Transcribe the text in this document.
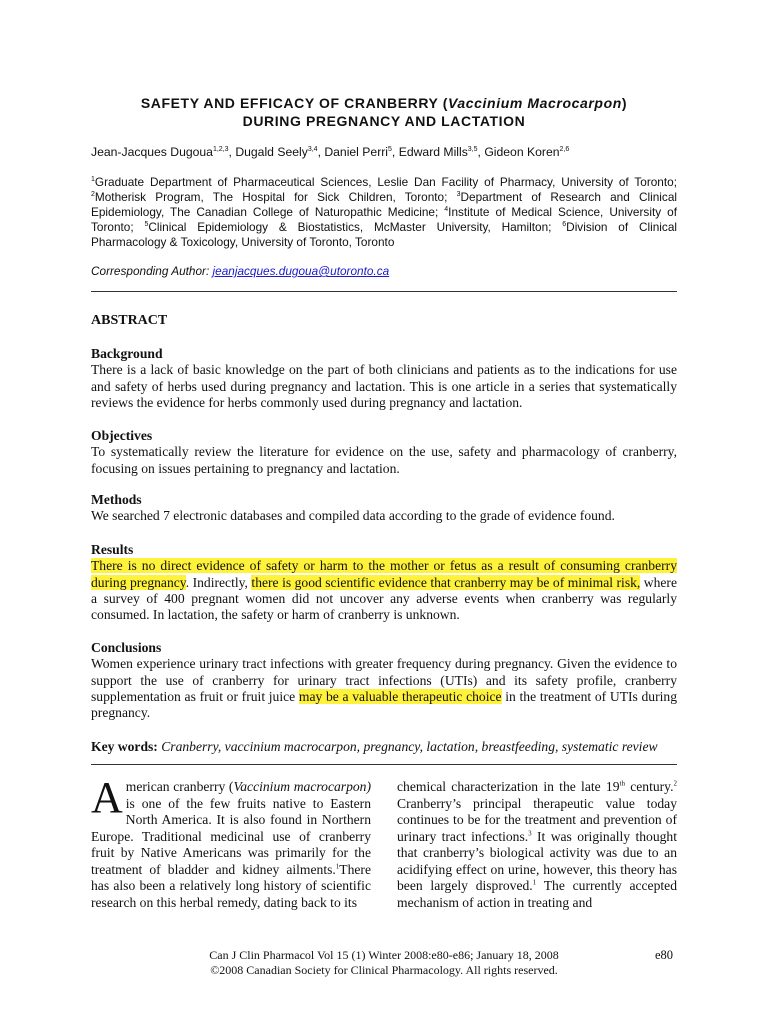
SAFETY AND EFFICACY OF CRANBERRY (Vaccinium Macrocarpon)
DURING PREGNANCY AND LACTATION
Jean-Jacques Dugoua$^{1,2,3}$, Dugald Seely$^{3,4}$, Daniel Perri$^5$, Edward Mills$^{3,5}$, Gideon Koren$^{2,6}$
$^1$Graduate Department of Pharmaceutical Sciences, Leslie Dan Facility of Pharmacy, University of Toronto; $^2$Motherisk Program, The Hospital for Sick Children, Toronto; $^3$Department of Research and Clinical Epidemiology, The Canadian College of Naturopathic Medicine; $^4$Institute of Medical Science, University of Toronto; $^5$Clinical Epidemiology & Biostatistics, McMaster University, Hamilton; $^6$Division of Clinical Pharmacology & Toxicology, University of Toronto, Toronto
Corresponding Author: jeanjacques.dugoua@utoronto.ca
ABSTRACT
Background
There is a lack of basic knowledge on the part of both clinicians and patients as to the indications for use and safety of herbs used during pregnancy and lactation. This is one article in a series that systematically reviews the evidence for herbs commonly used during pregnancy and lactation.
Objectives
To systematically review the literature for evidence on the use, safety and pharmacology of cranberry, focusing on issues pertaining to pregnancy and lactation.
Methods
We searched 7 electronic databases and compiled data according to the grade of evidence found.
Results
There is no direct evidence of safety or harm to the mother or fetus as a result of consuming cranberry during pregnancy. Indirectly, there is good scientific evidence that cranberry may be of minimal risk, where a survey of 400 pregnant women did not uncover any adverse events when cranberry was regularly consumed. In lactation, the safety or harm of cranberry is unknown.
Conclusions
Women experience urinary tract infections with greater frequency during pregnancy. Given the evidence to support the use of cranberry for urinary tract infections (UTIs) and its safety profile, cranberry supplementation as fruit or fruit juice may be a valuable therapeutic choice in the treatment of UTIs during pregnancy.
Key words: Cranberry, vaccinium macrocarpon, pregnancy, lactation, breastfeeding, systematic review
American cranberry (Vaccinium macrocarpon) is one of the few fruits native to Eastern North America. It is also found in Northern Europe. Traditional medicinal use of cranberry fruit by Native Americans was primarily for the treatment of bladder and kidney ailments.$^1$There has also been a relatively long history of scientific research on this herbal remedy, dating back to its
chemical characterization in the late 19th century.$^2$ Cranberry’s principal therapeutic value today continues to be for the treatment and prevention of urinary tract infections.$^3$ It was originally thought that cranberry’s biological activity was due to an acidifying effect on urine, however, this theory has been largely disproved.$^1$ The currently accepted mechanism of action in treating and
Can J Clin Pharmacol Vol 15 (1) Winter 2008:e80-e86; January 18, 2008
©2008 Canadian Society for Clinical Pharmacology. All rights reserved.
e80
